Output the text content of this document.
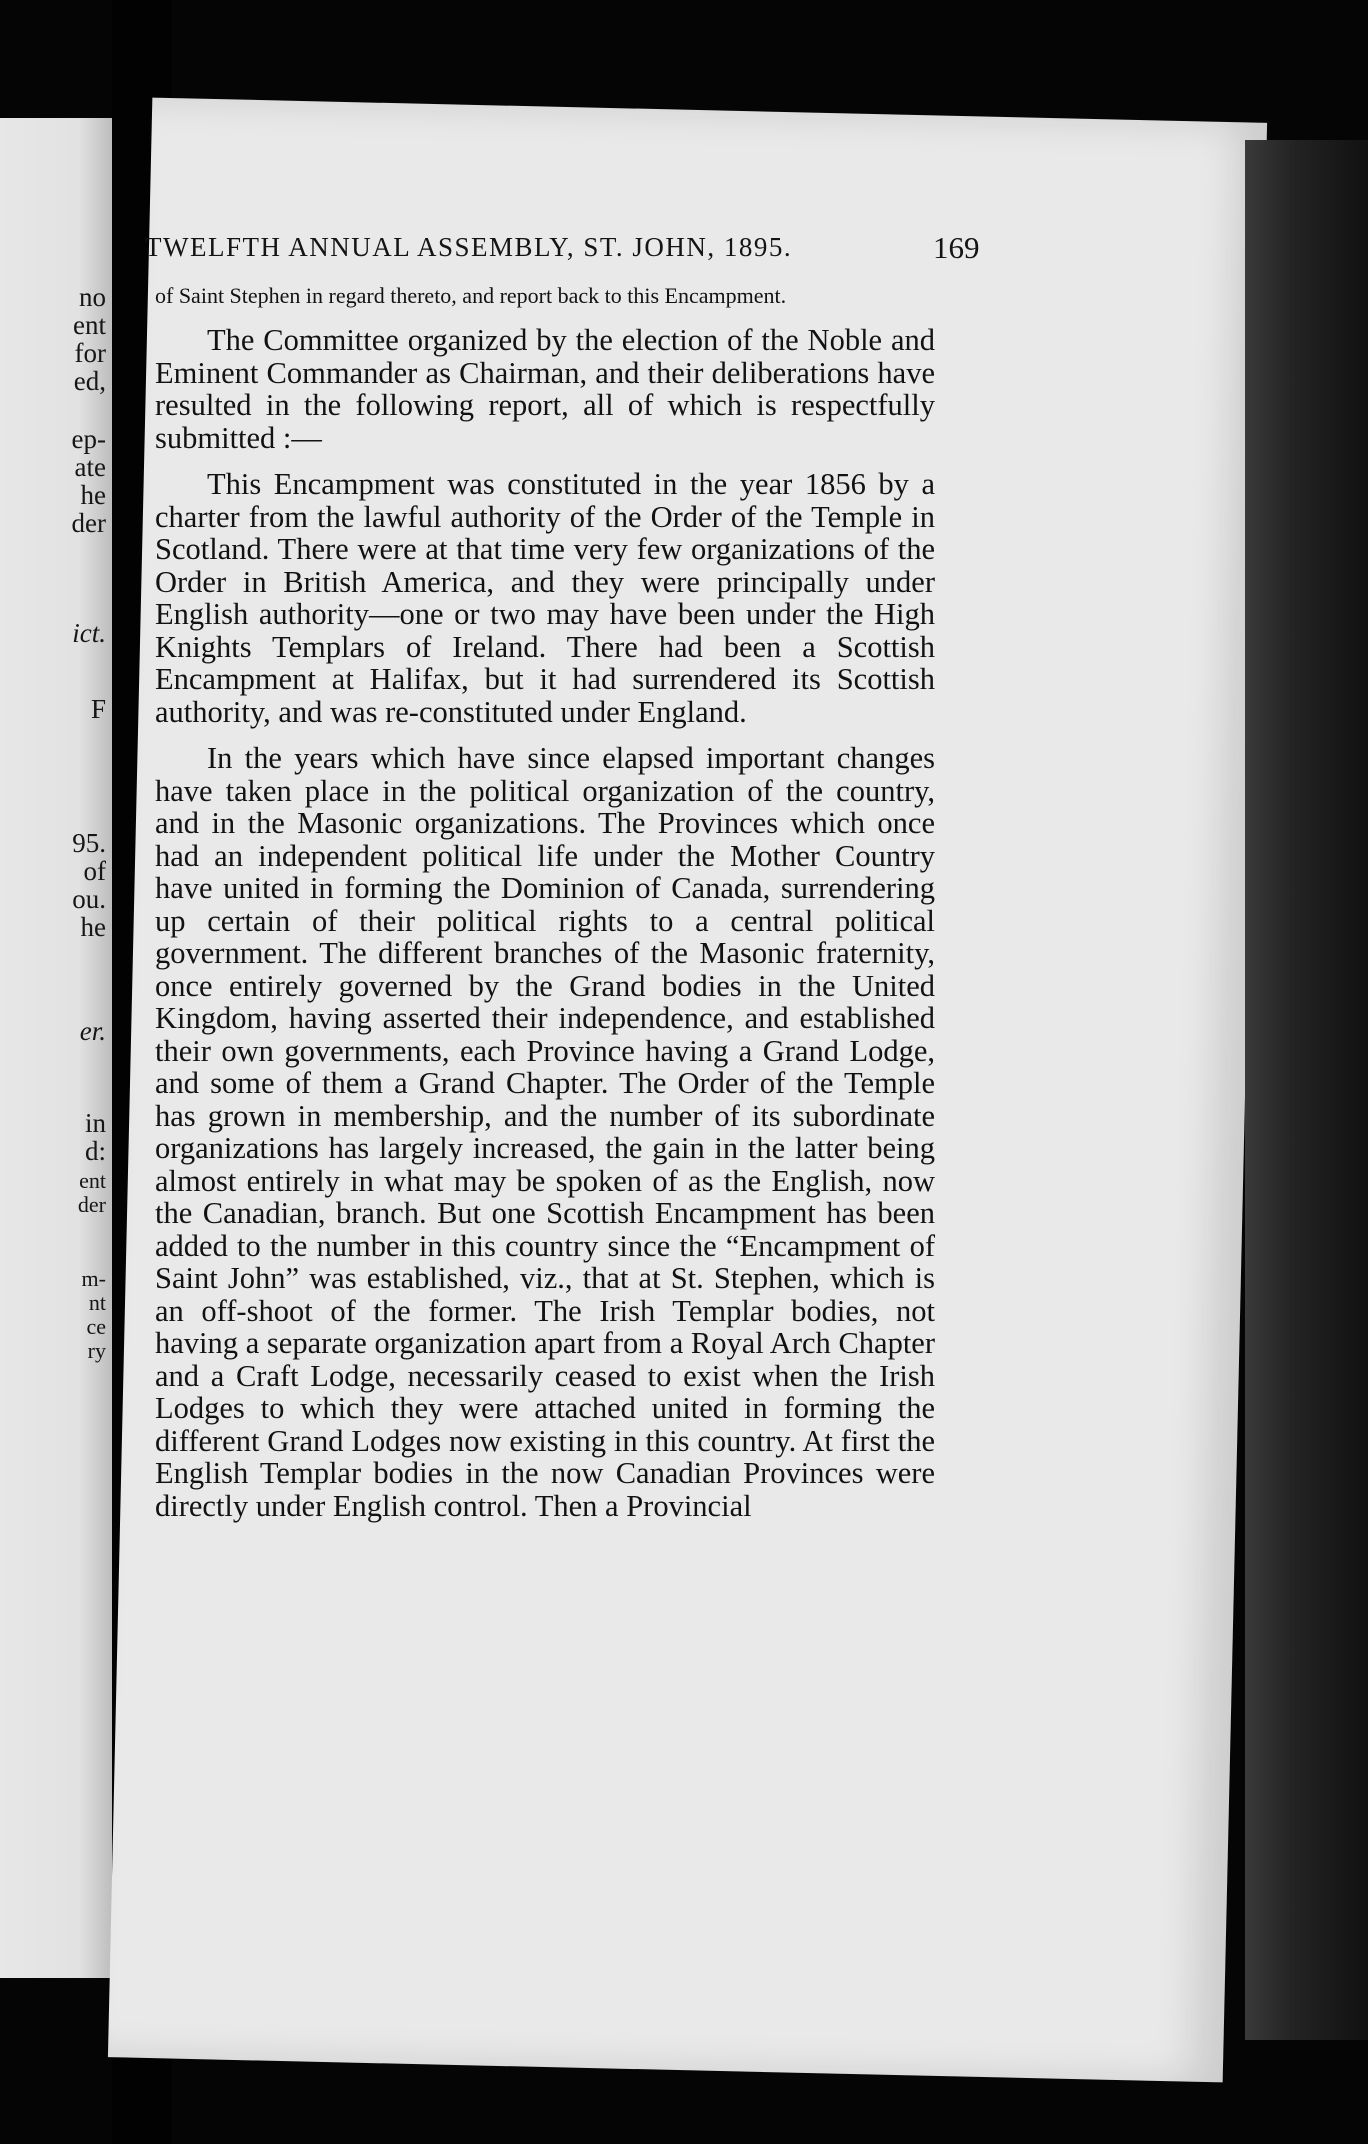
no
ent
for
ed,
ep-
ate
he
der
ict.
F
95.
of
ou.
he
er.
in
d:
ent
der
m-
nt
ce
ry
TWELFTH ANNUAL ASSEMBLY, ST. JOHN, 1895.	169

of Saint Stephen in regard thereto, and report back to this Encampment.

The Committee organized by the election of the Noble and Eminent Commander as Chairman, and their deliberations have resulted in the following report, all of which is respectfully submitted :—

This Encampment was constituted in the year 1856 by a charter from the lawful authority of the Order of the Temple in Scotland. There were at that time very few organizations of the Order in British America, and they were principally under English authority—one or two may have been under the High Knights Templars of Ireland. There had been a Scottish Encampment at Halifax, but it had surrendered its Scottish authority, and was re-constituted under England.

In the years which have since elapsed important changes have taken place in the political organization of the country, and in the Masonic organizations. The Provinces which once had an independent political life under the Mother Country have united in forming the Dominion of Canada, surrendering up certain of their political rights to a central political government. The different branches of the Masonic fraternity, once entirely governed by the Grand bodies in the United Kingdom, having asserted their independence, and established their own governments, each Province having a Grand Lodge, and some of them a Grand Chapter. The Order of the Temple has grown in membership, and the number of its subordinate organizations has largely increased, the gain in the latter being almost entirely in what may be spoken of as the English, now the Canadian, branch. But one Scottish Encampment has been added to the number in this country since the “Encampment of Saint John” was established, viz., that at St. Stephen, which is an off-shoot of the former. The Irish Templar bodies, not having a separate organization apart from a Royal Arch Chapter and a Craft Lodge, necessarily ceased to exist when the Irish Lodges to which they were attached united in forming the different Grand Lodges now existing in this country. At first the English Templar bodies in the now Canadian Provinces were directly under English control. Then a Provincial
